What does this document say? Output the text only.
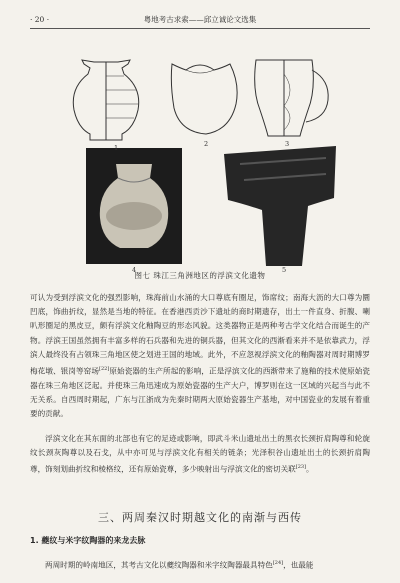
· 20 ·	粤地考古求索——邱立诚论文选集
1	2	3
4	5
图七 珠江三角洲地区的浮滨文化遗物
可认为受到浮滨文化的强烈影响，珠海前山水涌的大口尊底有圈足，饰席纹；南海大沥的大口尊为圜凹底，饰曲折纹，显然是当地的特征。在香港西贡沙下遗址的商时期遗存，出土一件直身、折腹、喇叭形圈足的黑皮豆，颇有浮滨文化釉陶豆的形态风貌。这类器物正是两种考古学文化结合而诞生的产物。浮滨王国虽然拥有丰富多样的石兵器和先进的铜兵器，但其文化的西渐看来并不是依靠武力，浮滨人最终没有占领珠三角地区使之划进王国的地域。此外，不应忽视浮滨文化的釉陶器对周时期博罗梅花墩、银岗等窑场[22]原始瓷器的生产所起的影响，正是浮滨文化的西渐带来了施釉的技术使原始瓷器在珠三角地区泛起。并使珠三角迅速成为原始瓷器的生产大户，博罗则在这一区域的兴起当与此不无关系。自西周时期起，广东与江浙成为先秦时期两大原始瓷器生产基地，对中国瓷业的发展有着重要的贡献。
浮滨文化在其东面的北部也有它的足迹或影响，即武斗米山遗址出土的黑衣长颈折肩陶尊和轮旋纹长颈灰陶尊以及石戈，从中亦可见与浮滨文化有相关的链条；光泽积谷山遗址出土的长颈折肩陶尊，饰刻划曲折纹和棱格纹，还有原始瓷尊，多少映射出与浮滨文化的密切关联[23]。
三、两周秦汉时期越文化的南渐与西传
1. 夔纹与米字纹陶器的来龙去脉
两周时期的岭南地区，其考古文化以夔纹陶器和米字纹陶器最具特色[24]，也最能
